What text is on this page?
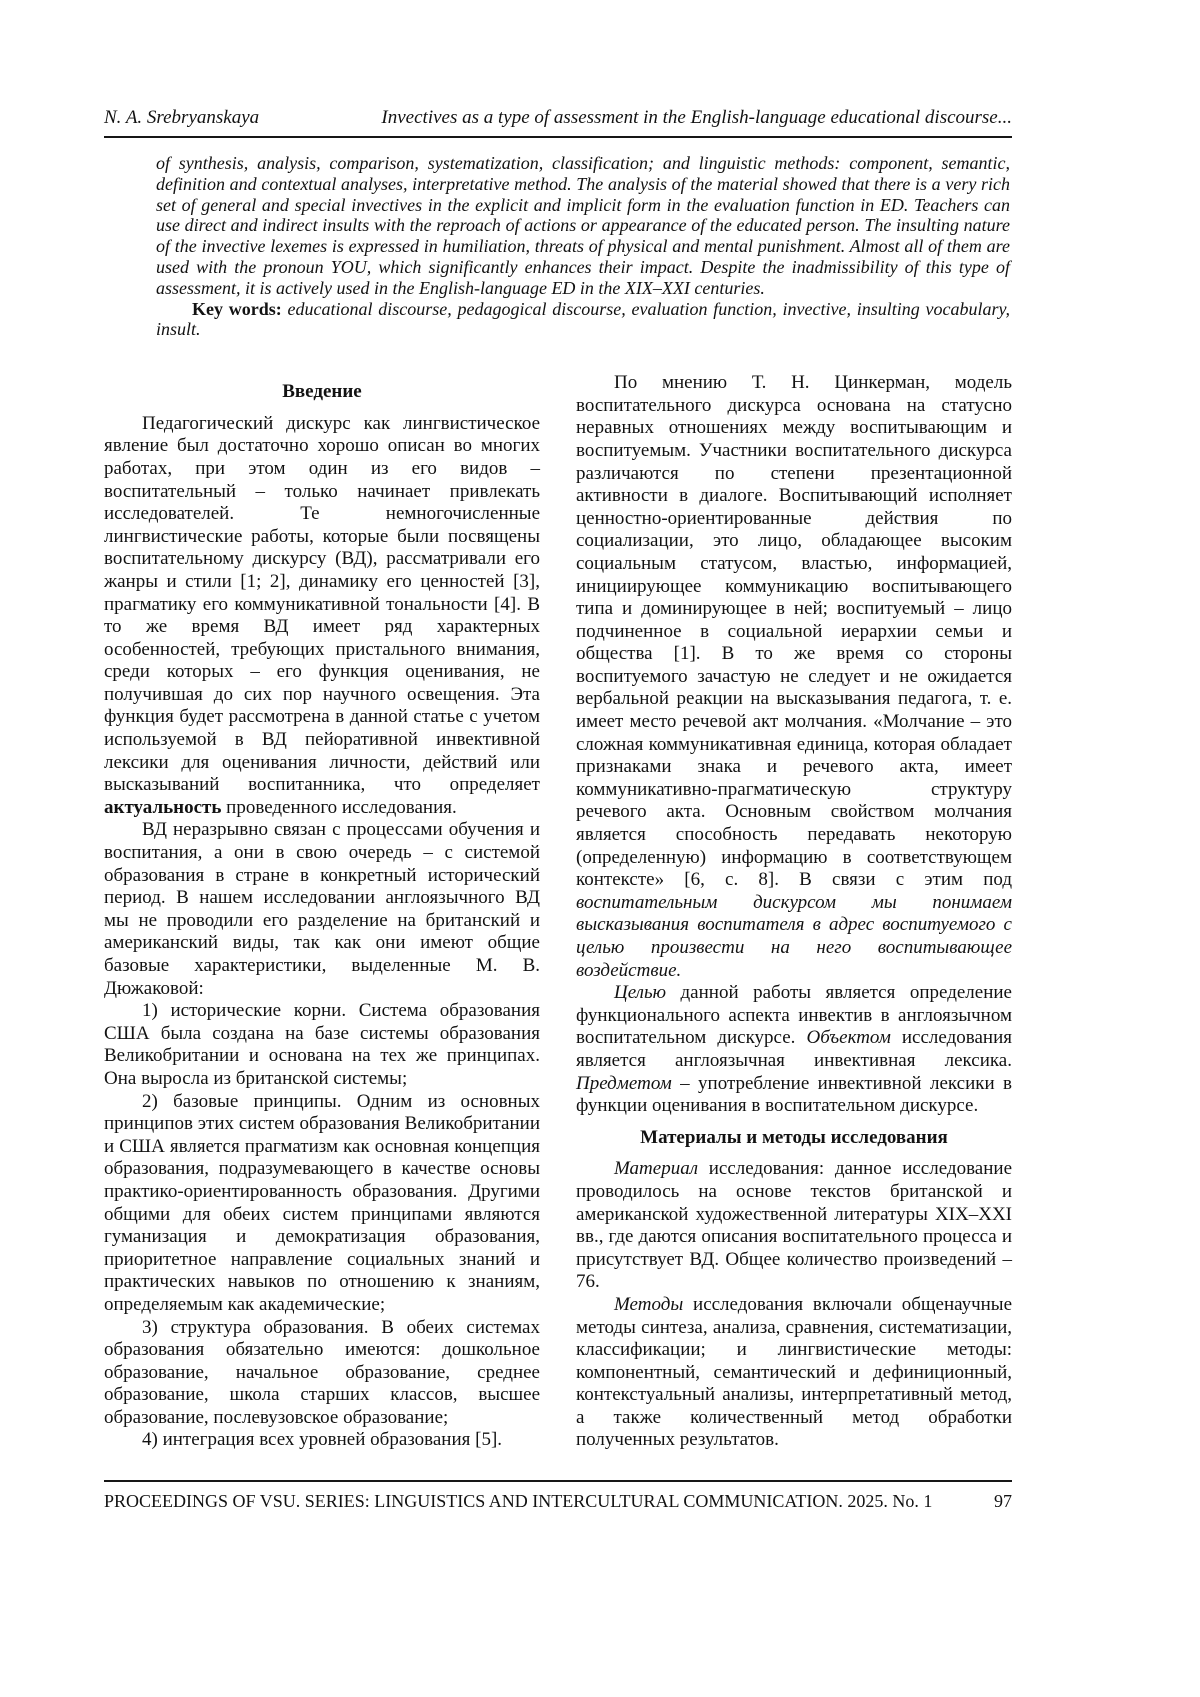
N. A. Srebryanskaya	Invectives as a type of assessment in the English-language educational discourse...

of synthesis, analysis, comparison, systematization, classification; and linguistic methods: component, semantic, definition and contextual analyses, interpretative method. The analysis of the material showed that there is a very rich set of general and special invectives in the explicit and implicit form in the evaluation function in ED. Teachers can use direct and indirect insults with the reproach of actions or appearance of the educated person. The insulting nature of the invective lexemes is expressed in humiliation, threats of physical and mental punishment. Almost all of them are used with the pronoun YOU, which significantly enhances their impact. Despite the inadmissibility of this type of assessment, it is actively used in the English-language ED in the XIX–XXI centuries.

Key words: educational discourse, pedagogical discourse, evaluation function, invective, insulting vocabulary, insult.

Введение

Педагогический дискурс как лингвистическое явление был достаточно хорошо описан во многих работах, при этом один из его видов – воспитательный – только начинает привлекать исследователей. Те немногочисленные лингвистические работы, которые были посвящены воспитательному дискурсу (ВД), рассматривали его жанры и стили [1; 2], динамику его ценностей [3], прагматику его коммуникативной тональности [4]. В то же время ВД имеет ряд характерных особенностей, требующих пристального внимания, среди которых – его функция оценивания, не получившая до сих пор научного освещения. Эта функция будет рассмотрена в данной статье с учетом используемой в ВД пейоративной инвективной лексики для оценивания личности, действий или высказываний воспитанника, что определяет актуальность проведенного исследования.

ВД неразрывно связан с процессами обучения и воспитания, а они в свою очередь – с системой образования в стране в конкретный исторический период. В нашем исследовании англоязычного ВД мы не проводили его разделение на британский и американский виды, так как они имеют общие базовые характеристики, выделенные М. В. Дюжаковой:

1) исторические корни. Система образования США была создана на базе системы образования Великобритании и основана на тех же принципах. Она выросла из британской системы;

2) базовые принципы. Одним из основных принципов этих систем образования Великобритании и США является прагматизм как основная концепция образования, подразумевающего в качестве основы практико-ориентированность образования. Другими общими для обеих систем принципами являются гуманизация и демократизация образования, приоритетное направление социальных знаний и практических навыков по отношению к знаниям, определяемым как академические;

3) структура образования. В обеих системах образования обязательно имеются: дошкольное образование, начальное образование, среднее образование, школа старших классов, высшее образование, послевузовское образование;

4) интеграция всех уровней образования [5].

По мнению Т. Н. Цинкерман, модель воспитательного дискурса основана на статусно неравных отношениях между воспитывающим и воспитуемым. Участники воспитательного дискурса различаются по степени презентационной активности в диалоге. Воспитывающий исполняет ценностно-ориентированные действия по социализации, это лицо, обладающее высоким социальным статусом, властью, информацией, инициирующее коммуникацию воспитывающего типа и доминирующее в ней; воспитуемый – лицо подчиненное в социальной иерархии семьи и общества [1]. В то же время со стороны воспитуемого зачастую не следует и не ожидается вербальной реакции на высказывания педагога, т. е. имеет место речевой акт молчания. «Молчание – это сложная коммуникативная единица, которая обладает признаками знака и речевого акта, имеет коммуникативно-прагматическую структуру речевого акта. Основным свойством молчания является способность передавать некоторую (определенную) информацию в соответствующем контексте» [6, с. 8]. В связи с этим под воспитательным дискурсом мы понимаем высказывания воспитателя в адрес воспитуемого с целью произвести на него воспитывающее воздействие.

Целью данной работы является определение функционального аспекта инвектив в англоязычном воспитательном дискурсе. Объектом исследования является англоязычная инвективная лексика. Предметом – употребление инвективной лексики в функции оценивания в воспитательном дискурсе.

Материалы и методы исследования

Материал исследования: данное исследование проводилось на основе текстов британской и американской художественной литературы XIX–XXI вв., где даются описания воспитательного процесса и присутствует ВД. Общее количество произведений – 76.

Методы исследования включали общенаучные методы синтеза, анализа, сравнения, систематизации, классификации; и лингвистические методы: компонентный, семантический и дефиниционный, контекстуальный анализы, интерпретативный метод, а также количественный метод обработки полученных результатов.

PROCEEDINGS OF VSU. SERIES: LINGUISTICS AND INTERCULTURAL COMMUNICATION. 2025. No. 1	97
